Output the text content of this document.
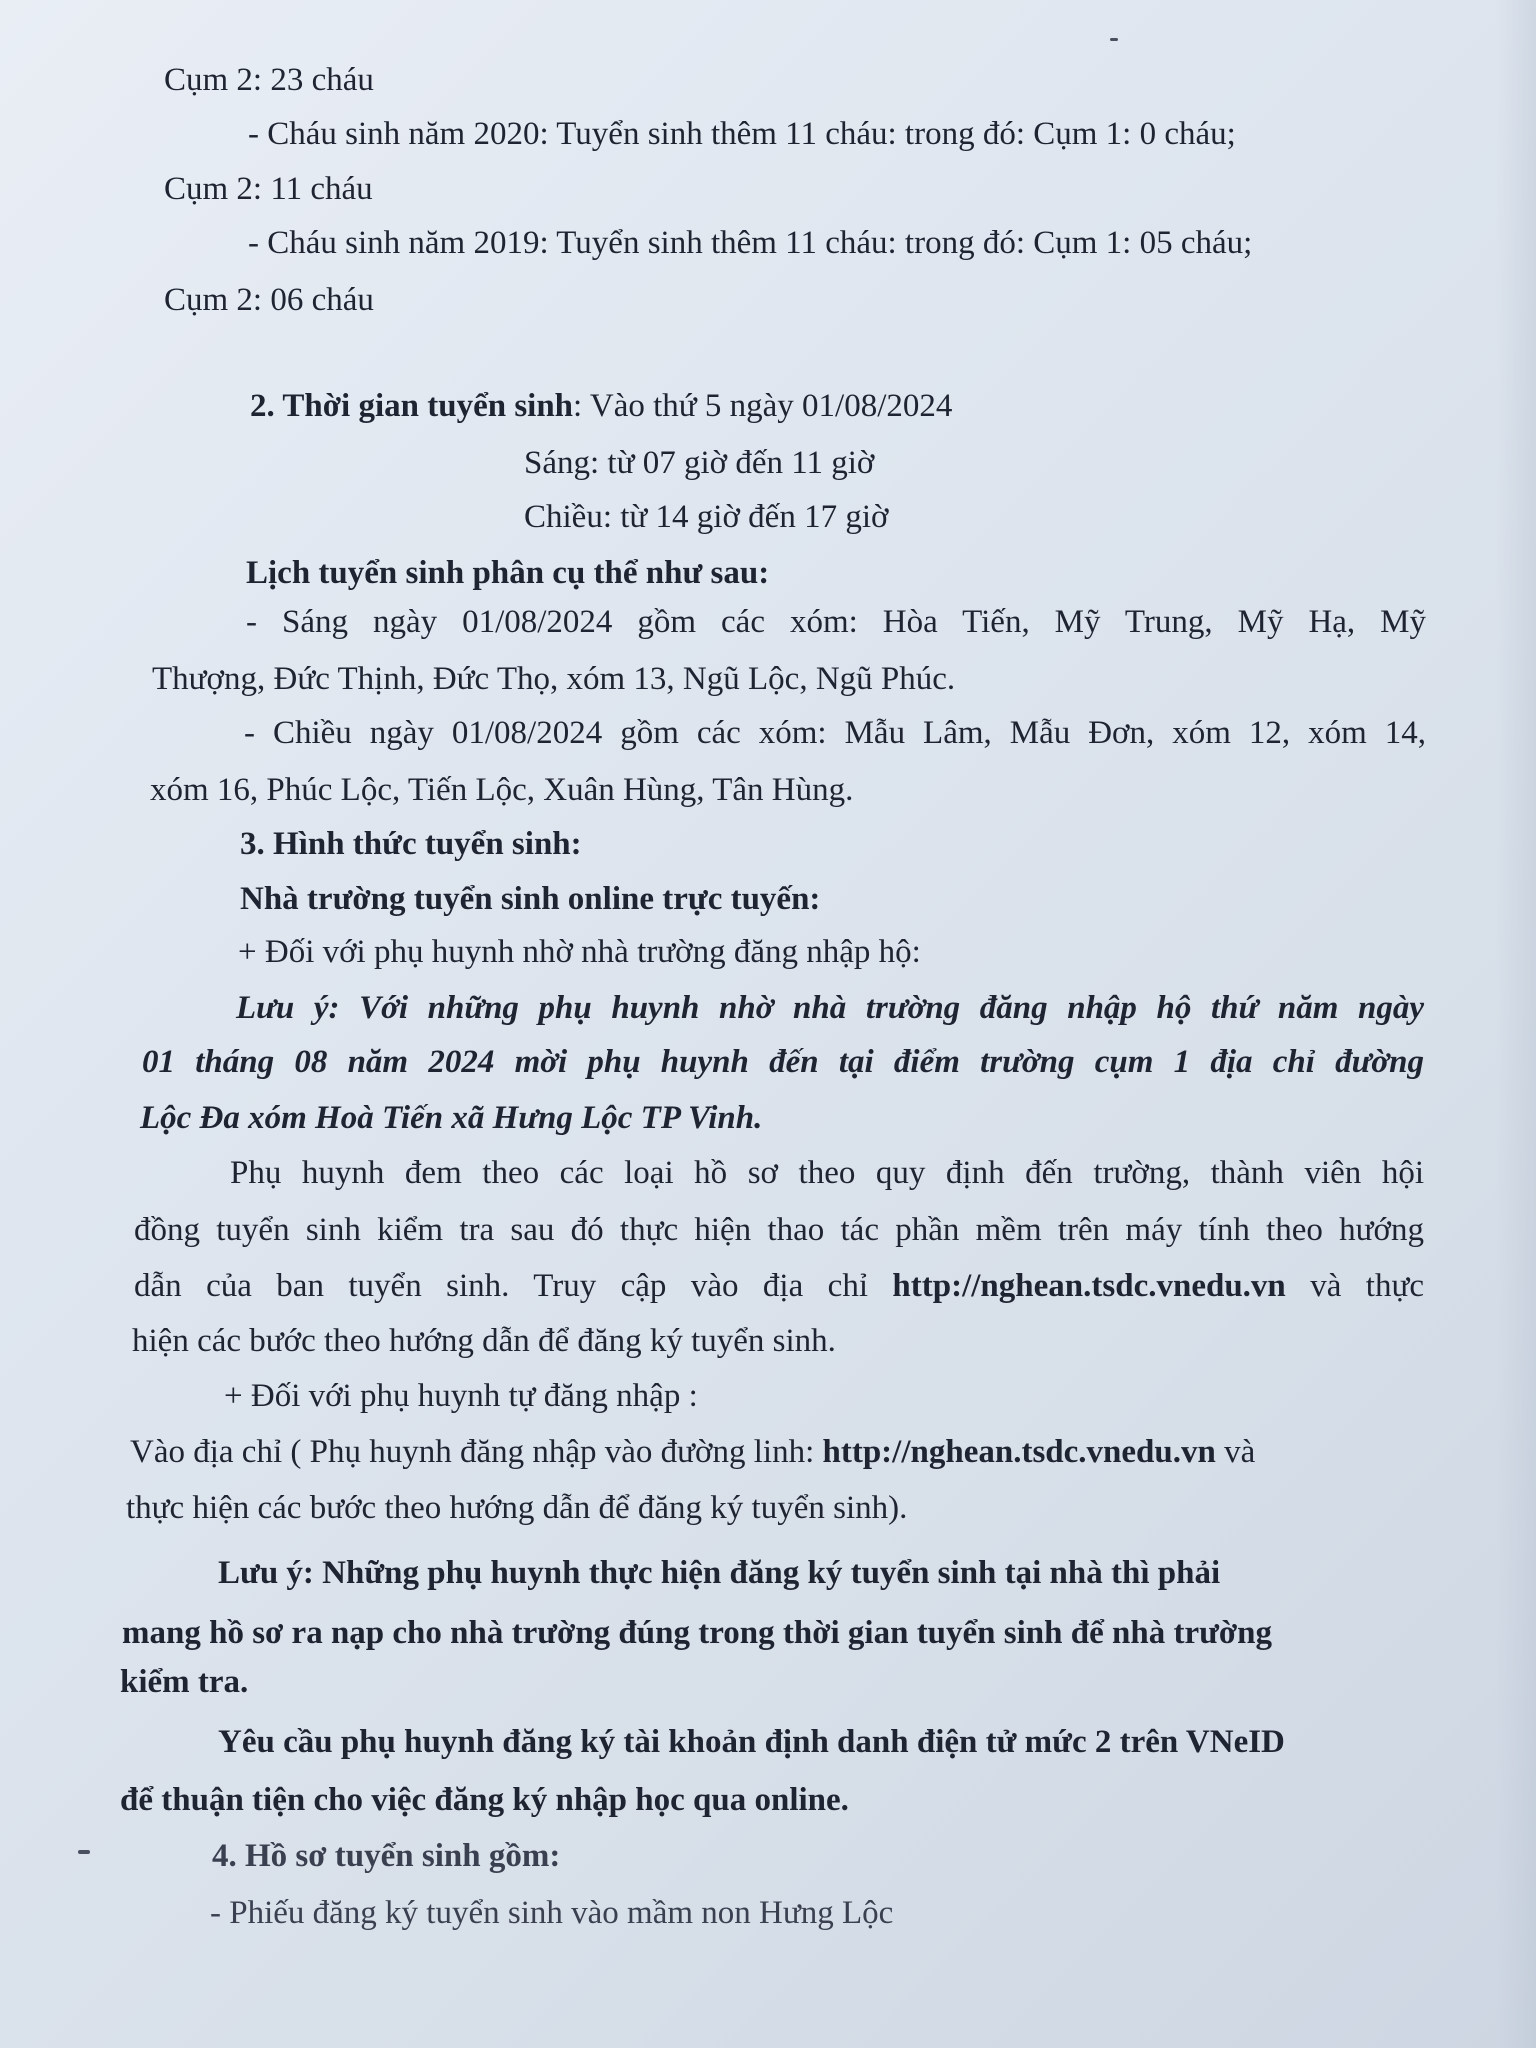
Cụm 2: 23 cháu
- Cháu sinh năm 2020: Tuyển sinh thêm 11 cháu: trong đó: Cụm 1: 0 cháu;
Cụm 2: 11 cháu
- Cháu sinh năm 2019: Tuyển sinh thêm 11 cháu: trong đó: Cụm 1: 05 cháu;
Cụm 2: 06 cháu
2. Thời gian tuyển sinh: Vào thứ 5 ngày 01/08/2024
Sáng: từ 07 giờ đến 11 giờ
Chiều: từ 14 giờ đến 17 giờ
Lịch tuyển sinh phân cụ thể như sau:
- Sáng ngày 01/08/2024 gồm các xóm: Hòa Tiến, Mỹ Trung, Mỹ Hạ, Mỹ
Thượng, Đức Thịnh, Đức Thọ, xóm 13, Ngũ Lộc, Ngũ Phúc.
- Chiều ngày 01/08/2024 gồm các xóm: Mẫu Lâm, Mẫu Đơn, xóm 12, xóm 14,
xóm 16, Phúc Lộc, Tiến Lộc, Xuân Hùng, Tân Hùng.
3. Hình thức tuyển sinh:
Nhà trường tuyển sinh online trực tuyến:
+ Đối với phụ huynh nhờ nhà trường đăng nhập hộ:
Lưu ý: Với những phụ huynh nhờ nhà trường đăng nhập hộ thứ năm ngày
01 tháng 08 năm 2024 mời phụ huynh đến tại điểm trường cụm 1 địa chỉ đường
Lộc Đa xóm Hoà Tiến xã Hưng Lộc TP Vinh.
Phụ huynh đem theo các loại hồ sơ theo quy định đến trường, thành viên hội
đồng tuyển sinh kiểm tra sau đó thực hiện thao tác phần mềm trên máy tính theo hướng
dẫn của ban tuyển sinh. Truy cập vào địa chỉ http://nghean.tsdc.vnedu.vn và thực
hiện các bước theo hướng dẫn để đăng ký tuyển sinh.
+ Đối với phụ huynh tự đăng nhập :
Vào địa chỉ ( Phụ huynh đăng nhập vào đường linh: http://nghean.tsdc.vnedu.vn và
thực hiện các bước theo hướng dẫn để đăng ký tuyển sinh).
Lưu ý: Những phụ huynh thực hiện đăng ký tuyển sinh tại nhà thì phải
mang hồ sơ ra nạp cho nhà trường đúng trong thời gian tuyển sinh để nhà trường
kiểm tra.
Yêu cầu phụ huynh đăng ký tài khoản định danh điện tử mức 2 trên VNeID
để thuận tiện cho việc đăng ký nhập học qua online.
4. Hồ sơ tuyển sinh gồm:
- Phiếu đăng ký tuyển sinh vào mầm non Hưng Lộc
